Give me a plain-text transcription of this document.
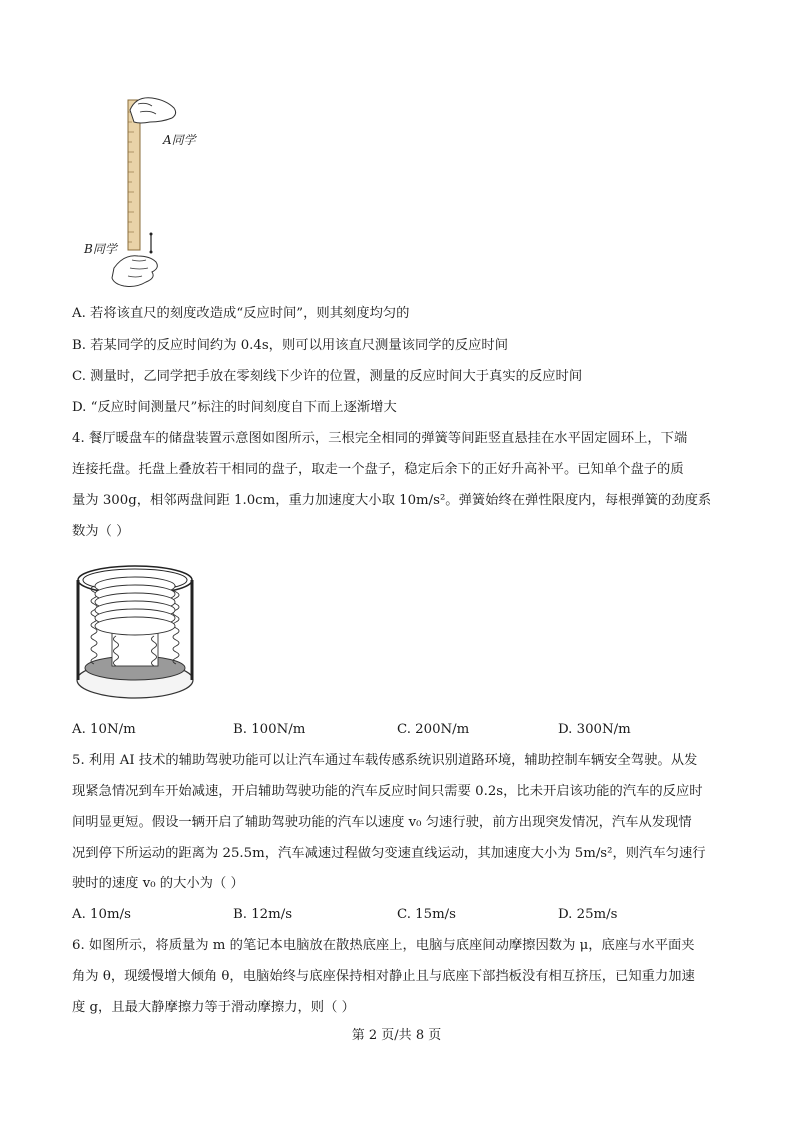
A同学
B同学
A. 若将该直尺的刻度改造成“反应时间”，则其刻度均匀的
B. 若某同学的反应时间约为 0.4s，则可以用该直尺测量该同学的反应时间
C. 测量时，乙同学把手放在零刻线下少许的位置，测量的反应时间大于真实的反应时间
D. “反应时间测量尺”标注的时间刻度自下而上逐渐增大
4. 餐厅暖盘车的储盘装置示意图如图所示，三根完全相同的弹簧等间距竖直悬挂在水平固定圆环上，下端
连接托盘。托盘上叠放若干相同的盘子，取走一个盘子，稳定后余下的正好升高补平。已知单个盘子的质
量为 300g，相邻两盘间距 1.0cm，重力加速度大小取 10m/s²。弹簧始终在弹性限度内，每根弹簧的劲度系
数为（ ）
A. 10N/m	B. 100N/m	C. 200N/m	D. 300N/m
5. 利用 AI 技术的辅助驾驶功能可以让汽车通过车载传感系统识别道路环境，辅助控制车辆安全驾驶。从发
现紧急情况到车开始减速，开启辅助驾驶功能的汽车反应时间只需要 0.2s，比未开启该功能的汽车的反应时
间明显更短。假设一辆开启了辅助驾驶功能的汽车以速度 v₀ 匀速行驶，前方出现突发情况，汽车从发现情
况到停下所运动的距离为 25.5m，汽车减速过程做匀变速直线运动，其加速度大小为 5m/s²，则汽车匀速行
驶时的速度 v₀ 的大小为（ ）
A. 10m/s	B. 12m/s	C. 15m/s	D. 25m/s
6. 如图所示，将质量为 m 的笔记本电脑放在散热底座上，电脑与底座间动摩擦因数为 μ，底座与水平面夹
角为 θ，现缓慢增大倾角 θ，电脑始终与底座保持相对静止且与底座下部挡板没有相互挤压，已知重力加速
度 g，且最大静摩擦力等于滑动摩擦力，则（ ）
第 2 页/共 8 页
